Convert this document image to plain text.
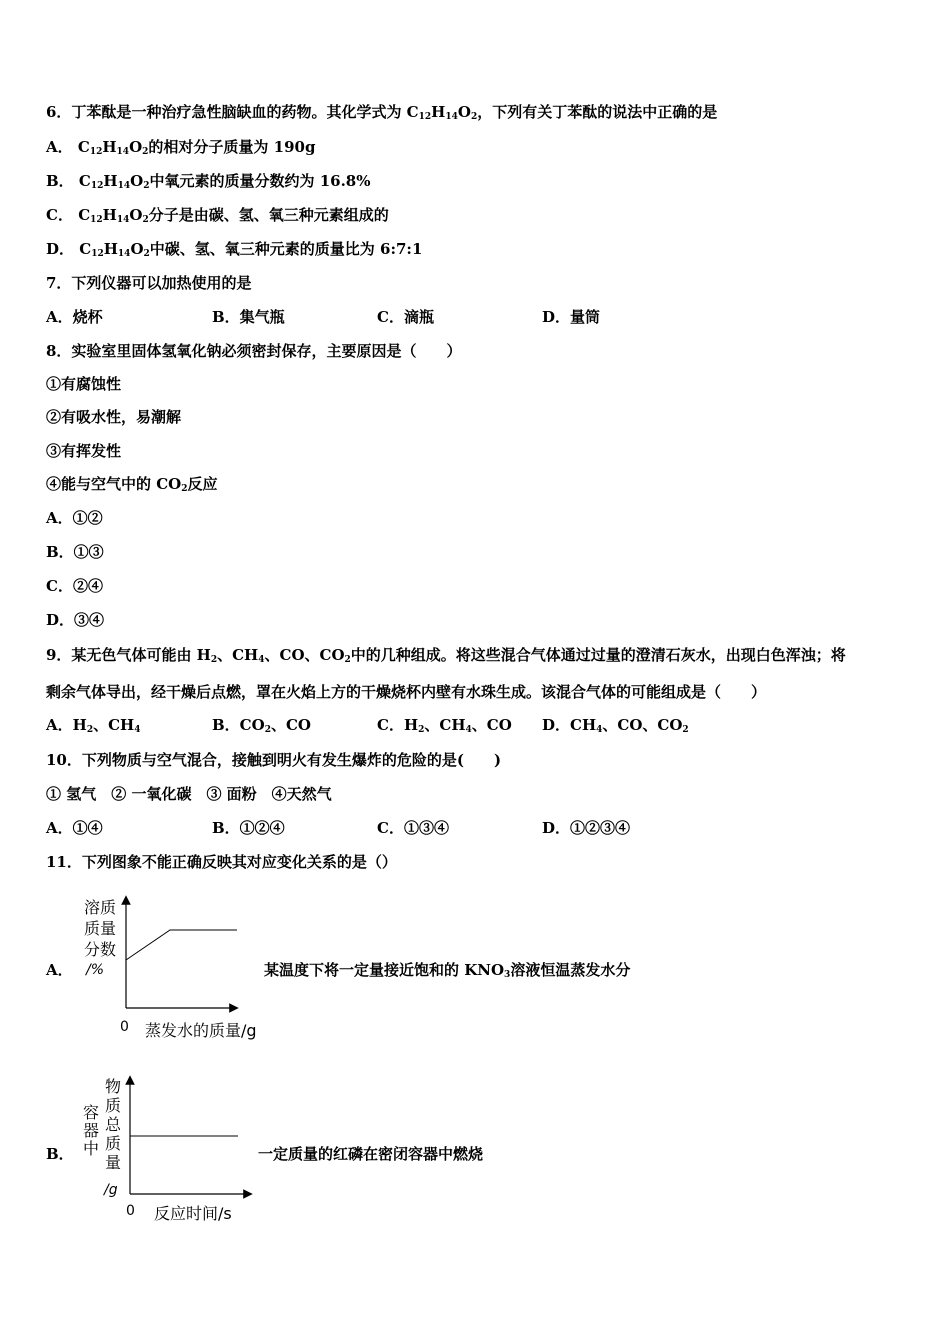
6．丁苯酞是一种治疗急性脑缺血的药物。其化学式为 $C_{12}H_{14}O_2$，下列有关丁苯酞的说法中正确的是
A． $C_{12}H_{14}O_2$的相对分子质量为 190g
B． $C_{12}H_{14}O_2$中氧元素的质量分数约为 16.8%
C． $C_{12}H_{14}O_2$分子是由碳、氢、氧三种元素组成的
D． $C_{12}H_{14}O_2$中碳、氢、氧三种元素的质量比为 6:7:1
7．下列仪器可以加热使用的是
A．烧杯	B．集气瓶	C．滴瓶	D．量筒
8．实验室里固体氢氧化钠必须密封保存，主要原因是（　　）
①有腐蚀性
②有吸水性，易潮解
③有挥发性
④能与空气中的 $CO_2$反应
A．①②
B．①③
C．②④
D．③④
9．某无色气体可能由 $H_2$、$CH_4$、CO、$CO_2$中的几种组成。将这些混合气体通过过量的澄清石灰水，出现白色浑浊；将
剩余气体导出，经干燥后点燃，罩在火焰上方的干燥烧杯内壁有水珠生成。该混合气体的可能组成是（　　）
A．$H_2$、$CH_4$	B．$CO_2$、CO	C．$H_2$、$CH_4$、CO D．$CH_4$、CO、$CO_2$
10．下列物质与空气混合，接触到明火有发生爆炸的危险的是(　　)
① 氢气　② 一氧化碳　③ 面粉　④天然气
A．①④	B．①②④	C．①③④	D．①②③④
11．下列图象不能正确反映其对应变化关系的是（）
A．
溶质
质量
分数
/%
0 蒸发水的质量/g
某温度下将一定量接近饱和的 $KNO_3$溶液恒温蒸发水分
B．
容
器
中
物
质
总
质
量
/g
0 反应时间/s
一定质量的红磷在密闭容器中燃烧
